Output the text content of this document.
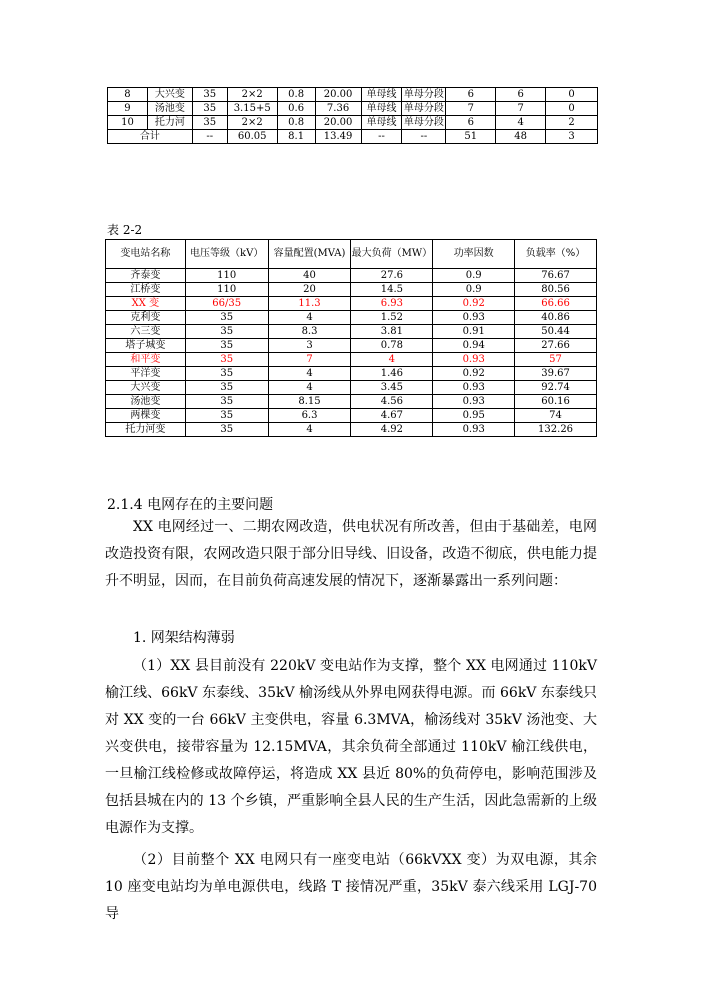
8	大兴变	35	2×2	0.8	20.00	单母线	单母分段	6	6	0
9	汤池变	35	3.15+5	0.6	7.36	单母线	单母分段	7	7	0
10	托力河	35	2×2	0.8	20.00	单母线	单母分段	6	4	2
合计		--	60.05	8.1	13.49	--	--	51	48	3
表 2-2
变电站名称	电压等级（kV）	容量配置(MVA)	最大负荷（MW）	功率因数	负载率（%）
齐泰变	110	40	27.6	0.9	76.67
江桥变	110	20	14.5	0.9	80.56
XX 变	66/35	11.3	6.93	0.92	66.66
克利变	35	4	1.52	0.93	40.86
六三变	35	8.3	3.81	0.91	50.44
塔子城变	35	3	0.78	0.94	27.66
和平变	35	7	4	0.93	57
平洋变	35	4	1.46	0.92	39.67
大兴变	35	4	3.45	0.93	92.74
汤池变	35	8.15	4.56	0.93	60.16
两棵变	35	6.3	4.67	0.95	74
托力河变	35	4	4.92	0.93	132.26
2.1.4 电网存在的主要问题

XX 电网经过一、二期农网改造，供电状况有所改善，但由于基础差，电网改造投资有限，农网改造只限于部分旧导线、旧设备，改造不彻底，供电能力提升不明显，因而，在目前负荷高速发展的情况下，逐渐暴露出一系列问题：

1. 网架结构薄弱

（1）XX 县目前没有 220kV 变电站作为支撑，整个 XX 电网通过 110kV 榆江线、66kV 东泰线、35kV 榆汤线从外界电网获得电源。而 66kV 东泰线只对 XX 变的一台 66kV 主变供电，容量 6.3MVA，榆汤线对 35kV 汤池变、大兴变供电，接带容量为 12.15MVA，其余负荷全部通过 110kV 榆江线供电，一旦榆江线检修或故障停运，将造成 XX 县近 80%的负荷停电，影响范围涉及包括县城在内的 13 个乡镇，严重影响全县人民的生产生活，因此急需新的上级电源作为支撑。

（2）目前整个 XX 电网只有一座变电站（66kVXX 变）为双电源，其余 10 座变电站均为单电源供电，线路 T 接情况严重，35kV 泰六线采用 LGJ-70 导
